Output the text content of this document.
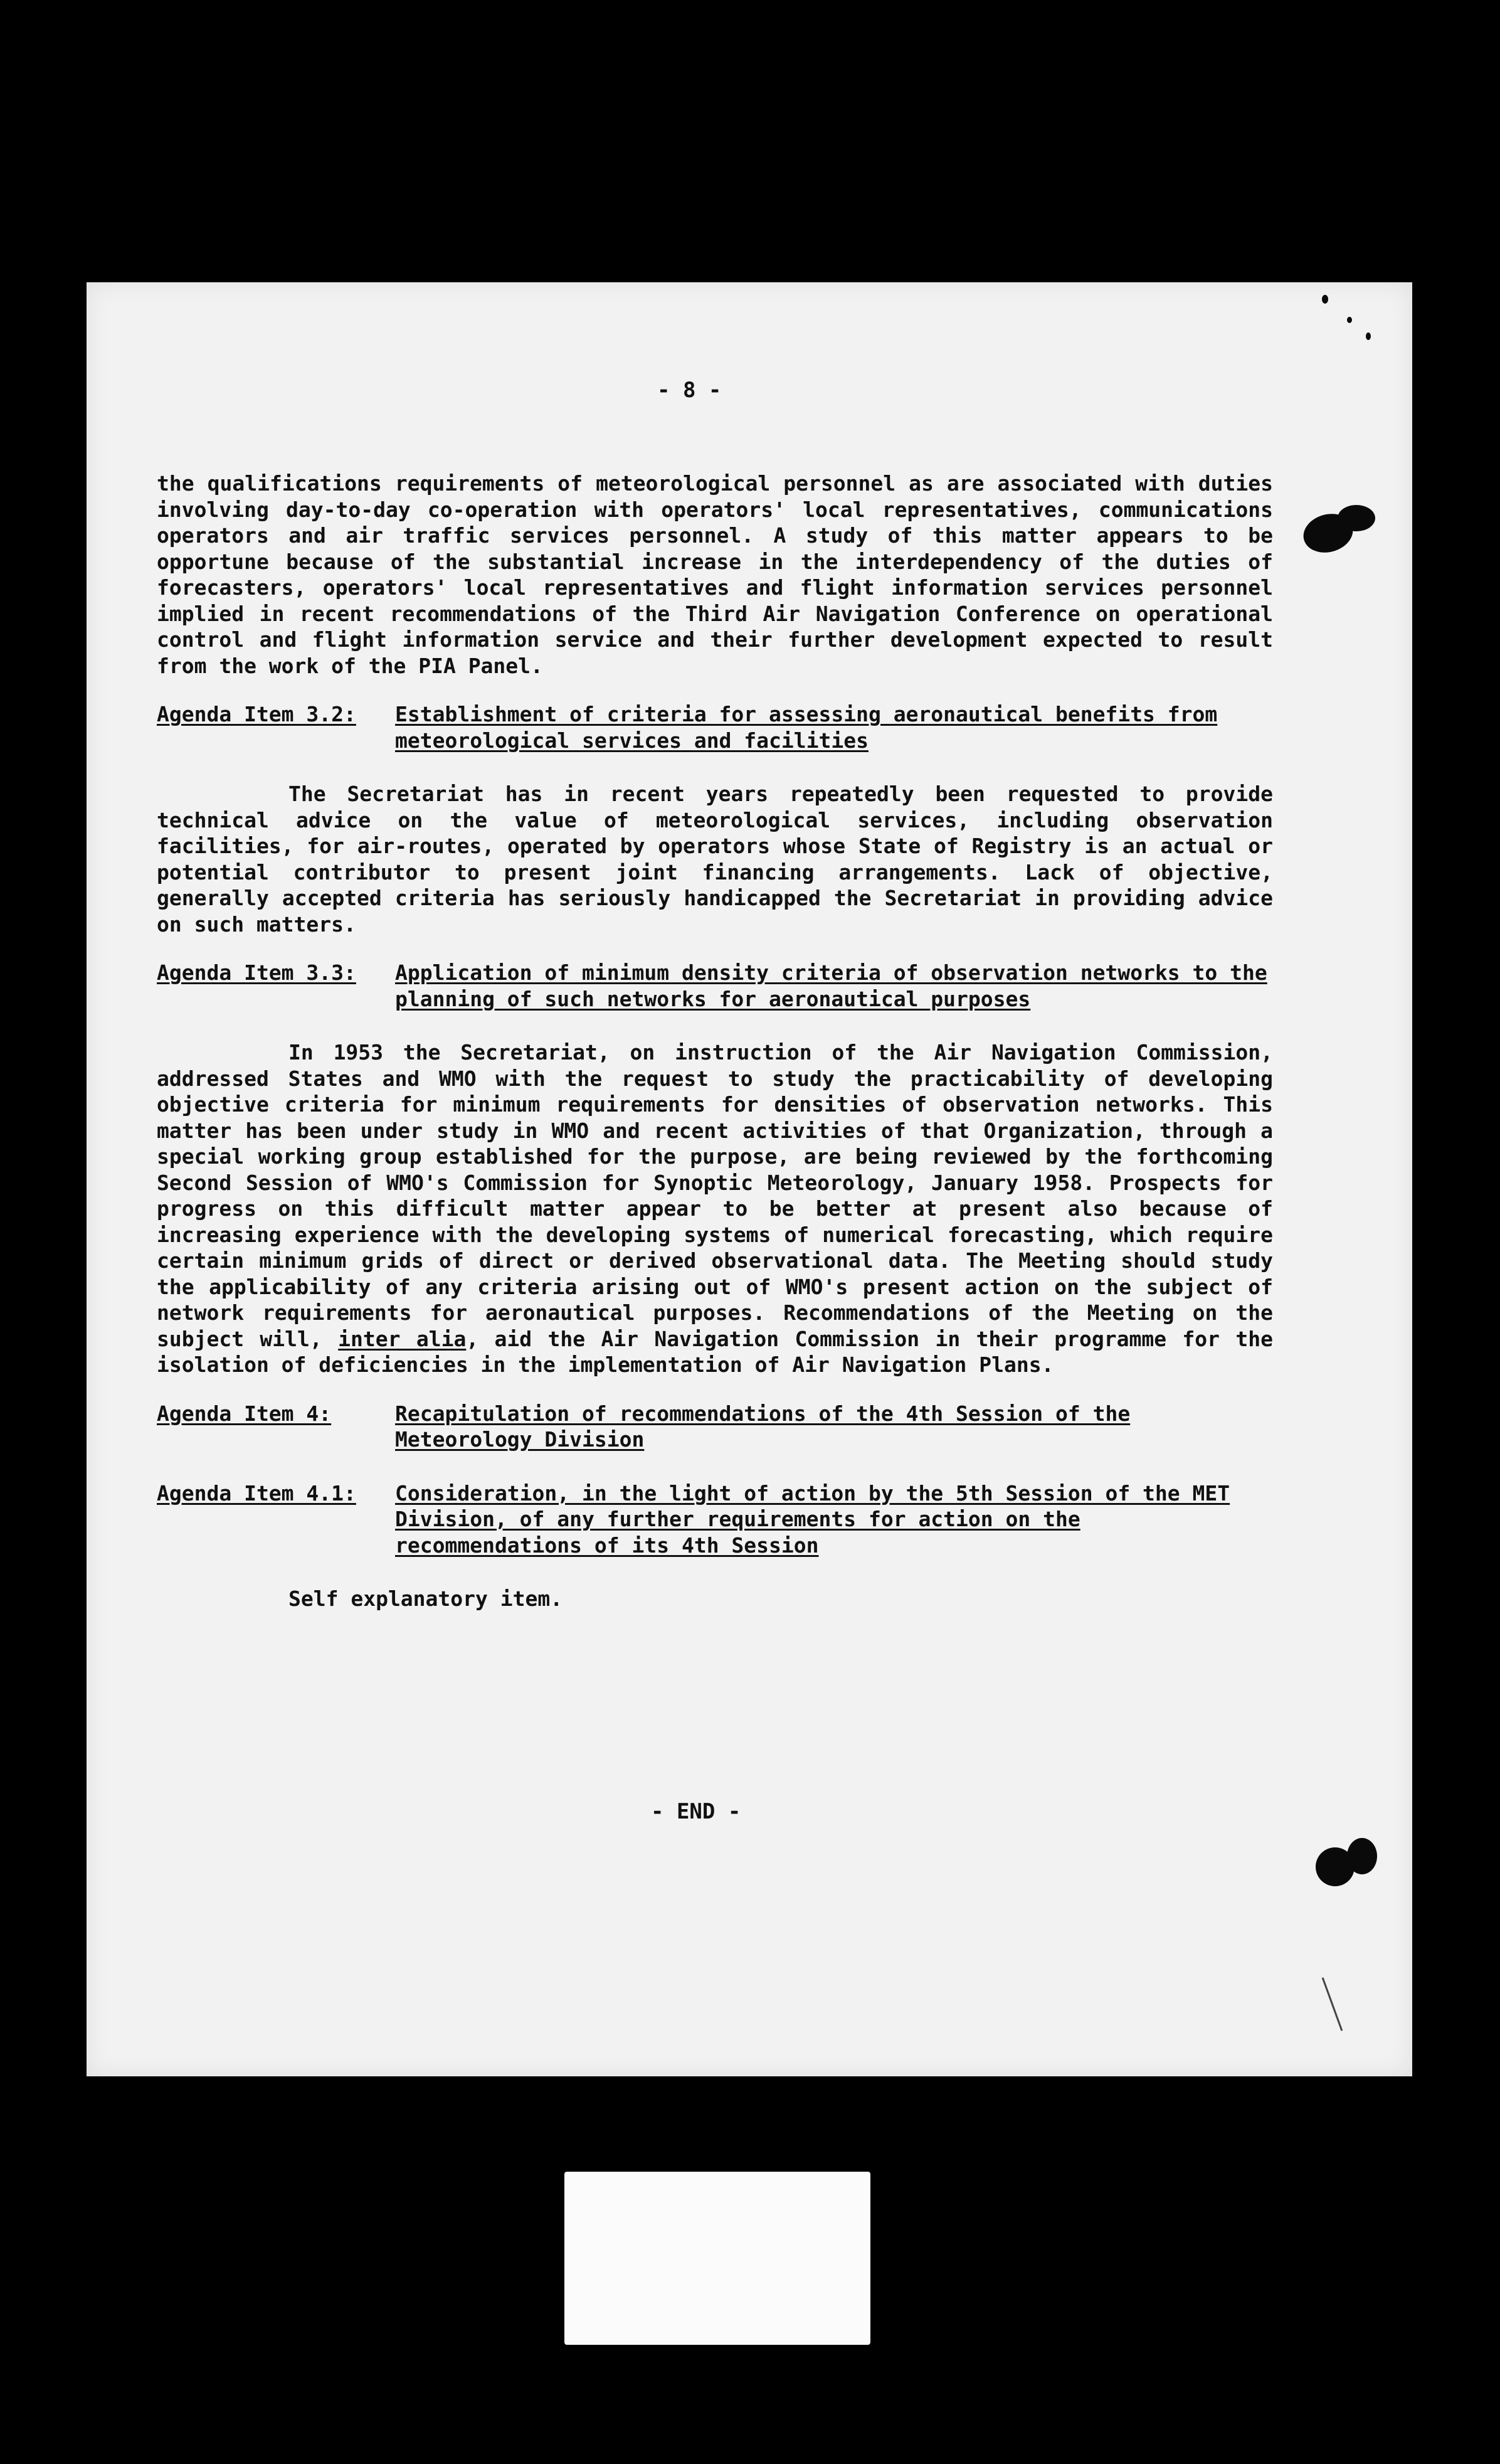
- 8 -

the qualifications requirements of meteorological personnel as are associated with duties involving day-to-day co-operation with operators' local representatives, communications operators and air traffic services personnel. A study of this matter appears to be opportune because of the substantial increase in the interdependency of the duties of forecasters, operators' local representatives and flight information services personnel implied in recent recommendations of the Third Air Navigation Conference on operational control and flight information service and their further development expected to result from the work of the PIA Panel.

Agenda Item 3.2:	Establishment of criteria for assessing aeronautical benefits from meteorological services and facilities

The Secretariat has in recent years repeatedly been requested to provide technical advice on the value of meteorological services, including observation facilities, for air-routes, operated by operators whose State of Registry is an actual or potential contributor to present joint financing arrangements. Lack of objective, generally accepted criteria has seriously handicapped the Secretariat in providing advice on such matters.

Agenda Item 3.3:	Application of minimum density criteria of observation networks to the planning of such networks for aeronautical purposes

In 1953 the Secretariat, on instruction of the Air Navigation Commission, addressed States and WMO with the request to study the practicability of developing objective criteria for minimum requirements for densities of observation networks. This matter has been under study in WMO and recent activities of that Organization, through a special working group established for the purpose, are being reviewed by the forthcoming Second Session of WMO's Commission for Synoptic Meteorology, January 1958. Prospects for progress on this difficult matter appear to be better at present also because of increasing experience with the developing systems of numerical forecasting, which require certain minimum grids of direct or derived observational data. The Meeting should study the applicability of any criteria arising out of WMO's present action on the subject of network requirements for aeronautical purposes. Recommendations of the Meeting on the subject will, inter alia, aid the Air Navigation Commission in their programme for the isolation of deficiencies in the implementation of Air Navigation Plans.

Agenda Item 4:	Recapitulation of recommendations of the 4th Session of the Meteorology Division
Agenda Item 4.1:	Consideration, in the light of action by the 5th Session of the MET Division, of any further requirements for action on the recommendations of its 4th Session

Self explanatory item.

- END -
